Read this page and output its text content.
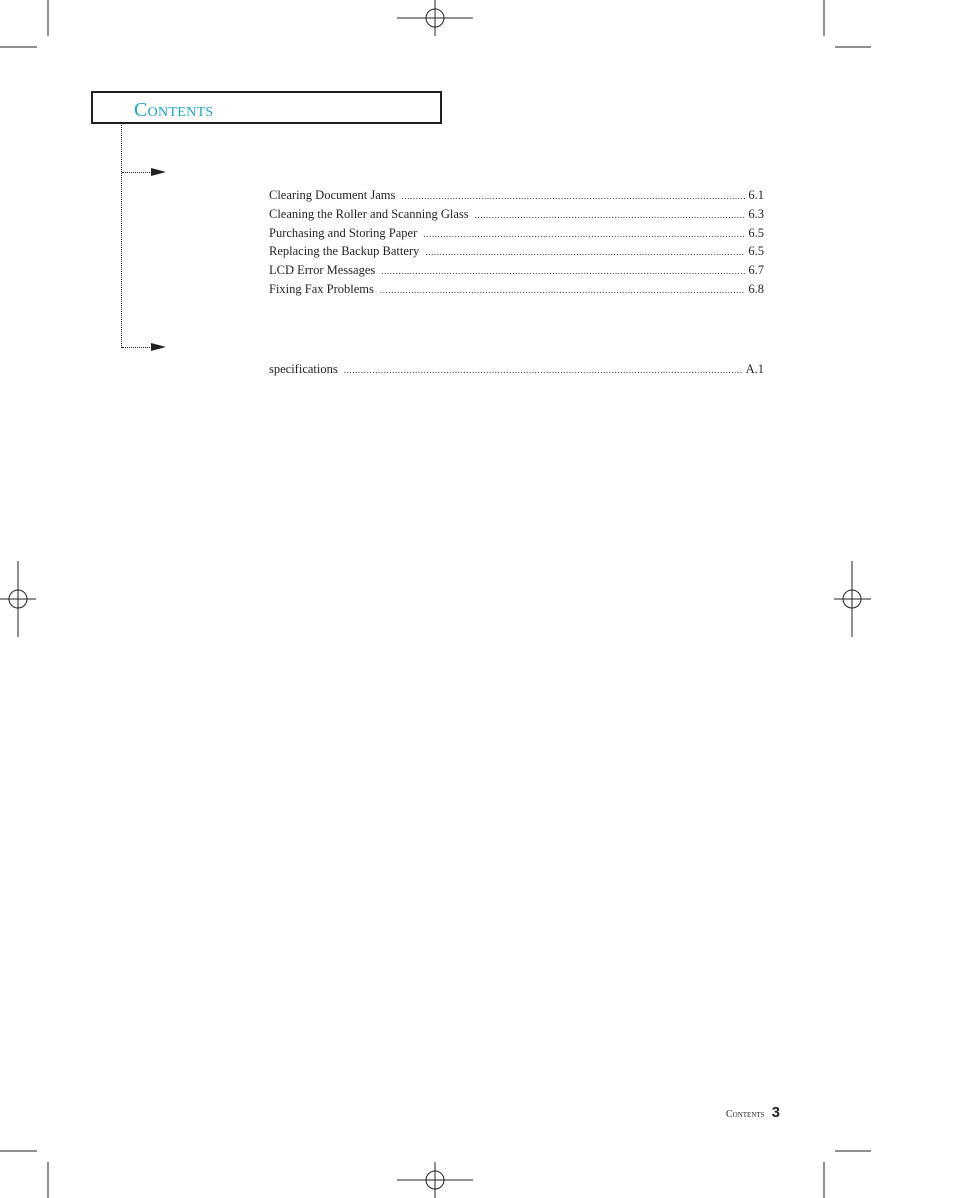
Contents
Clearing Document Jams .....	6.1
Cleaning the Roller and Scanning Glass .....	6.3
Purchasing and Storing Paper .....	6.5
Replacing the Backup Battery .....	6.5
LCD Error Messages .....	6.7
Fixing Fax Problems .....	6.8
specifications .....	A.1
Contents 3
